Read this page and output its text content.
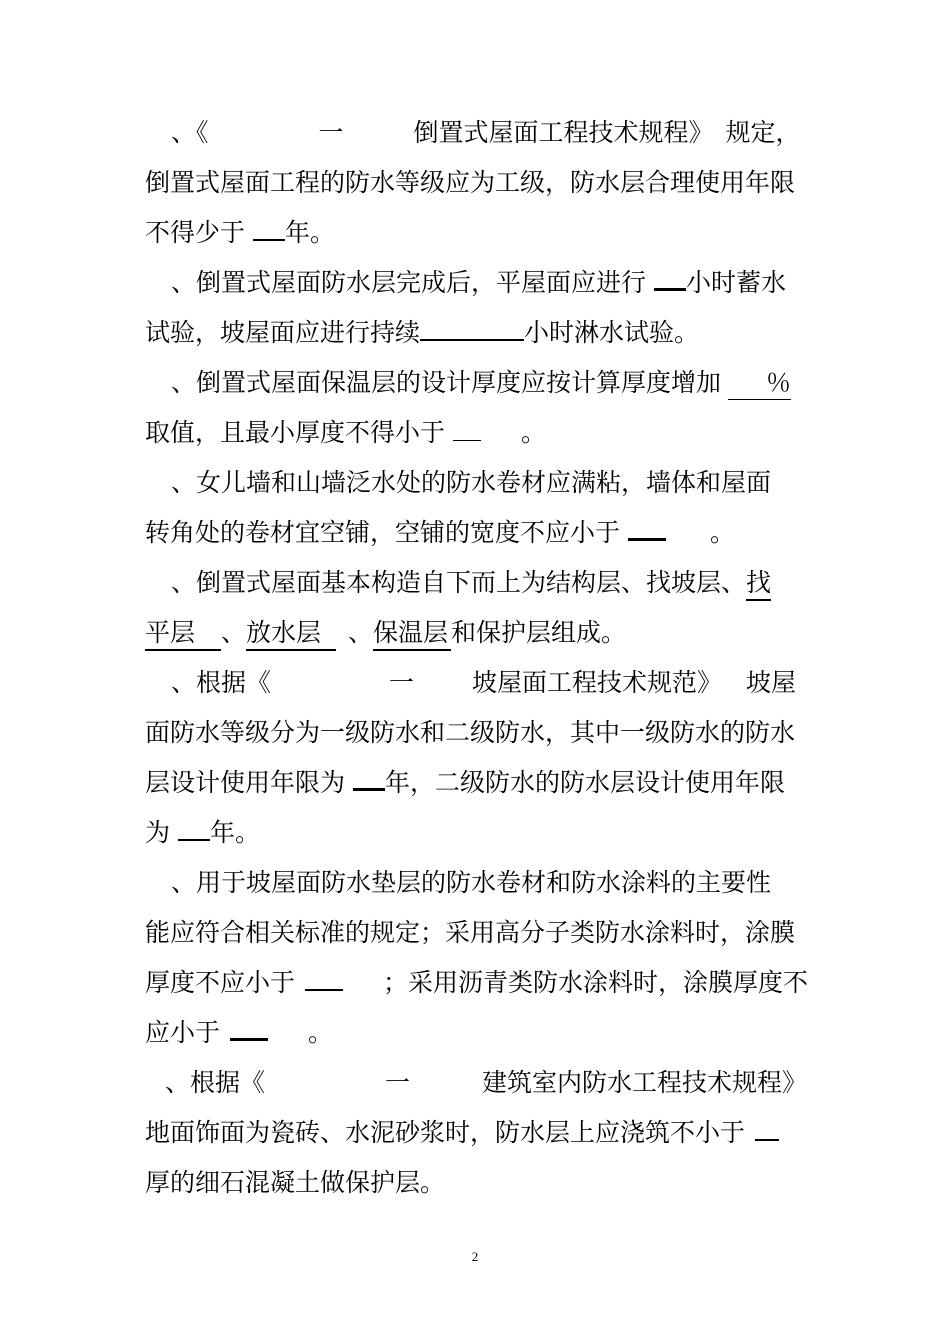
、《	一	倒置式屋面工程技术规程》 规定，
倒置式屋面工程的防水等级应为工级，防水层合理使用年限
不得少于 年。
、倒置式屋面防水层完成后，平屋面应进行 小时蓄水
试验，坡屋面应进行持续	小时淋水试验。
、倒置式屋面保温层的设计厚度应按计算厚度增加 ％
取值，且最小厚度不得小于	。
、女儿墙和山墙泛水处的防水卷材应满粘，墙体和屋面
转角处的卷材宜空铺，空铺的宽度不应小于	。
、倒置式屋面基本构造自下而上为结构层、找坡层、找
平层 、放水层 、保温层 和保护层组成。
、根据《	一 坡屋面工程技术规范》 坡屋
面防水等级分为一级防水和二级防水，其中一级防水的防水
层设计使用年限为 年，二级防水的防水层设计使用年限
为 年。
、用于坡屋面防水垫层的防水卷材和防水涂料的主要性
能应符合相关标准的规定；采用高分子类防水涂料时，涂膜
厚度不应小于	；采用沥青类防水涂料时，涂膜厚度不
应小于	。
、根据《	一	建筑室内防水工程技术规程》
地面饰面为瓷砖、水泥砂浆时，防水层上应浇筑不小于
厚的细石混凝土做保护层。
2
